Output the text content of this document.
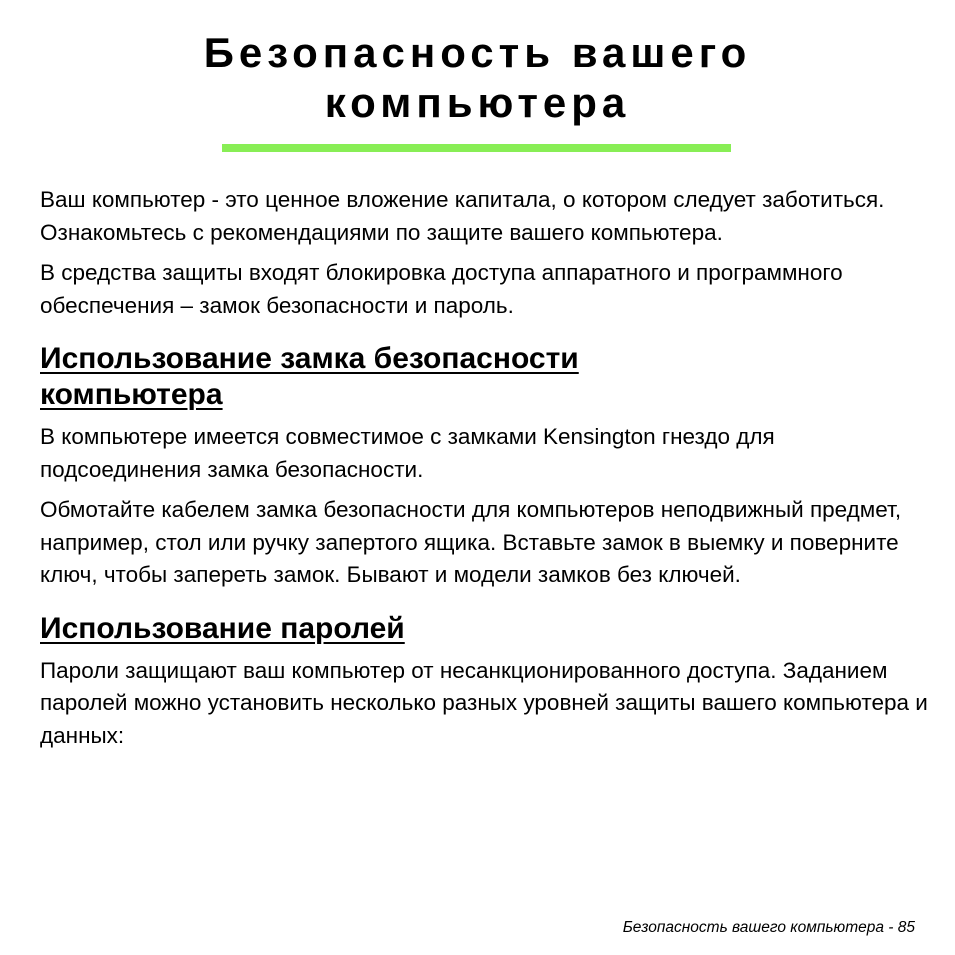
Безопасность вашего
компьютера

Ваш компьютер - это ценное вложение капитала, о котором следует заботиться. Ознакомьтесь с рекомендациями по защите вашего компьютера.

В средства защиты входят блокировка доступа аппаратного и программного обеспечения – замок безопасности и пароль.

Использование замка безопасности
компьютера

В компьютере имеется совместимое с замками Kensington гнездо для подсоединения замка безопасности.

Обмотайте кабелем замка безопасности для компьютеров неподвижный предмет, например, стол или ручку запертого ящика. Вставьте замок в выемку и поверните ключ, чтобы запереть замок. Бывают и модели замков без ключей.

Использование паролей

Пароли защищают ваш компьютер от несанкционированного доступа. Заданием паролей можно установить несколько разных уровней защиты вашего компьютера и данных:

Безопасность вашего компьютера - 85
